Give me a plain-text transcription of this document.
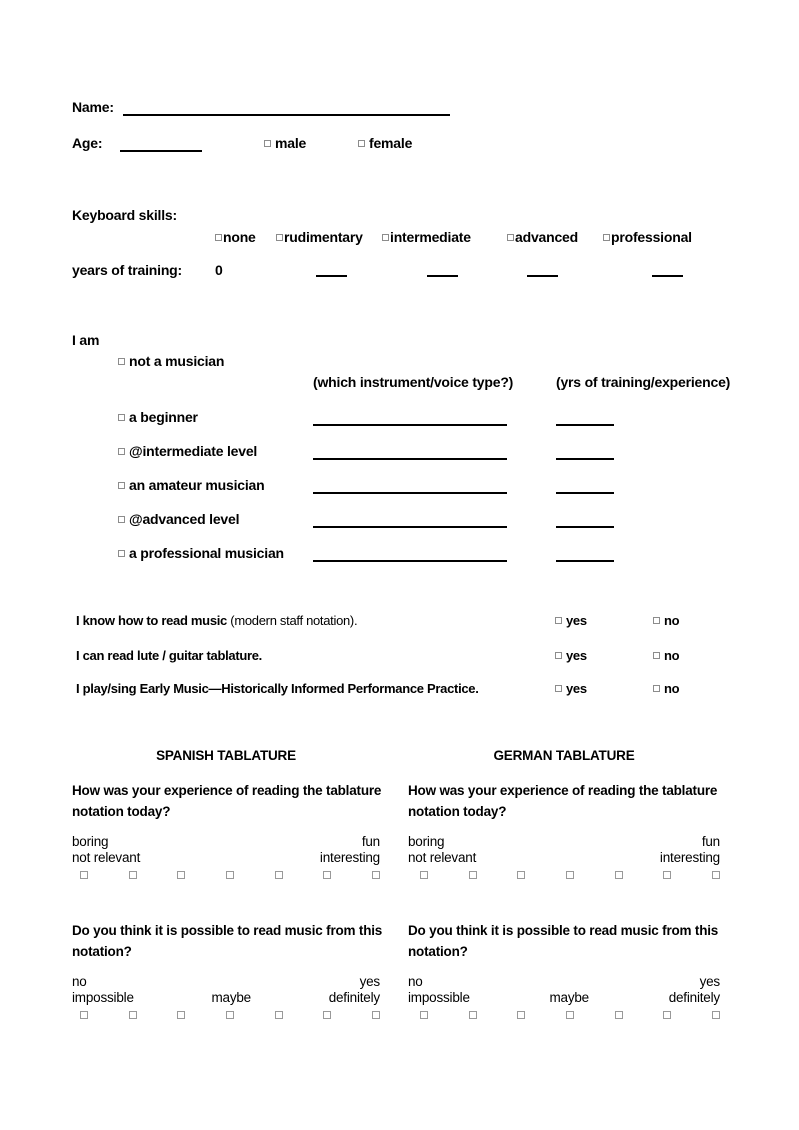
Name:
Age:	male	female
Keyboard skills:
none	rudimentary	intermediate	advanced	professional
years of training: 0
I am
not a musician
(which instrument/voice type?)	(yrs of training/experience)
a beginner
@intermediate level
an amateur musician
@advanced level
a professional musician
I know how to read music (modern staff notation).	yes	no
I can read lute / guitar tablature.	yes	no
I play/sing Early Music—Historically Informed Performance Practice.	yes	no
SPANISH TABLATURE
How was your experience of reading the tablature
notation today?
boring
not relevant
fun
interesting
Do you think it is possible to read music from this
notation?
no
impossible	maybe
yes
definitely
GERMAN TABLATURE
How was your experience of reading the tablature
notation today?
boring
not relevant
fun
interesting
Do you think it is possible to read music from this
notation?
no
impossible	maybe
yes
definitely
